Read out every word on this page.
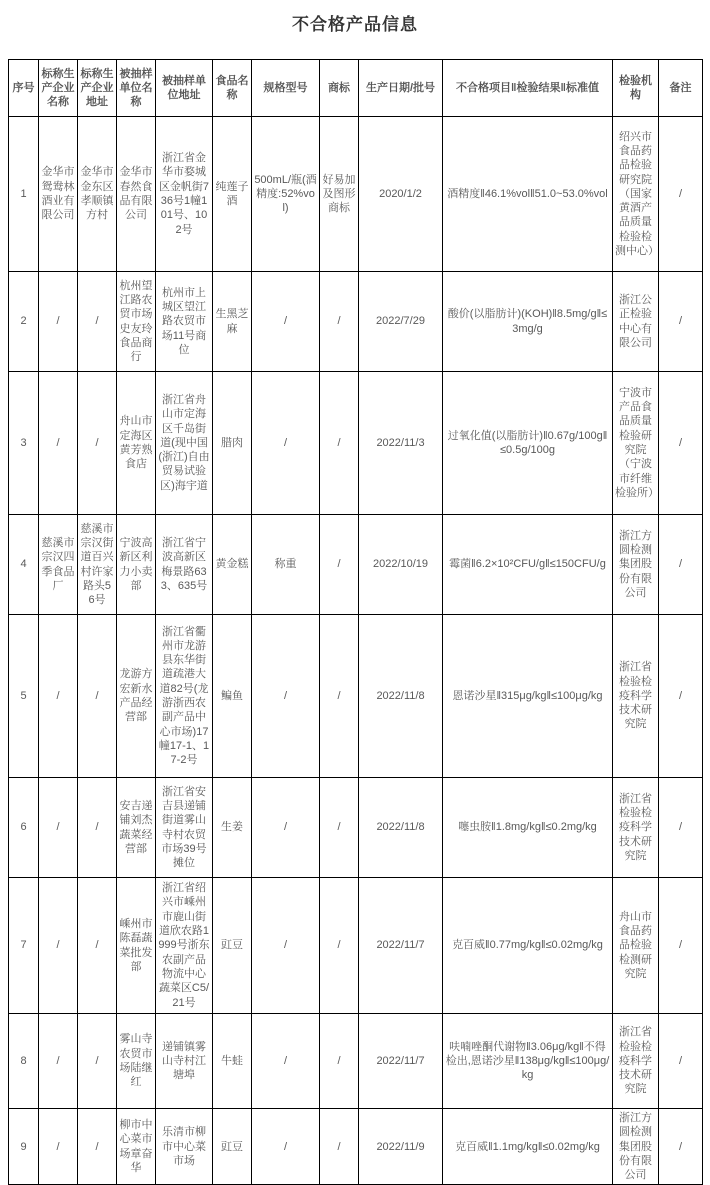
不合格产品信息
序号	标称生产企业名称	标称生产企业地址	被抽样单位名称	被抽样单位地址	食品名称	规格型号	商标	生产日期/批号	不合格项目‖检验结果‖标准值	检验机构	备注
1	金华市鸳鸯林酒业有限公司	金华市金东区孝顺镇方村	金华市春然食品有限公司	浙江省金华市婺城区金帆街736号1幢101号、102号	纯莲子酒	500mL/瓶(酒精度:52%vol)	好易加及图形商标	2020/1/2	酒精度‖46.1%vol‖51.0~53.0%vol	绍兴市食品药品检验研究院（国家黄酒产品质量检验检测中心）	/
2	/	/	杭州望江路农贸市场史友玲食品商行	杭州市上城区望江路农贸市场11号商位	生黑芝麻	/	/	2022/7/29	酸价(以脂肪计)(KOH)‖8.5mg/g‖≤3mg/g	浙江公正检验中心有限公司	/
3	/	/	舟山市定海区黄芳熟食店	浙江省舟山市定海区千岛街道(现中国(浙江)自由贸易试验区)海宇道	腊肉	/	/	2022/11/3	过氧化值(以脂肪计)‖0.67g/100g‖≤0.5g/100g	宁波市产品食品质量检验研究院（宁波市纤维检验所）	/
4	慈溪市宗汉四季食品厂	慈溪市宗汉街道百兴村许家路头56号	宁波高新区利力小卖部	浙江省宁波高新区梅景路633、635号	黄金糕	称重	/	2022/10/19	霉菌‖6.2×10²CFU/g‖≤150CFU/g	浙江方圆检测集团股份有限公司	/
5	/	/	龙游方宏新水产品经营部	浙江省衢州市龙游县东华街道疏港大道82号(龙游浙西农副产品中心市场)17幢17-1、17-2号	鳊鱼	/	/	2022/11/8	恩诺沙星‖315μg/kg‖≤100μg/kg	浙江省检验检疫科学技术研究院	/
6	/	/	安吉递铺刘杰蔬菜经营部	浙江省安吉县递铺街道雾山寺村农贸市场39号摊位	生姜	/	/	2022/11/8	噻虫胺‖1.8mg/kg‖≤0.2mg/kg	浙江省检验检疫科学技术研究院	/
7	/	/	嵊州市陈磊蔬菜批发部	浙江省绍兴市嵊州市鹿山街道欣农路1999号浙东农副产品物流中心蔬菜区C5/21号	豇豆	/	/	2022/11/7	克百威‖0.77mg/kg‖≤0.02mg/kg	舟山市食品药品检验检测研究院	/
8	/	/	雾山寺农贸市场陆继红	递铺镇雾山寺村江塘埠	牛蛙	/	/	2022/11/7	呋喃唑酮代谢物‖3.06μg/kg‖不得检出,恩诺沙星‖138μg/kg‖≤100μg/kg	浙江省检验检疫科学技术研究院	/
9	/	/	柳市中心菜市场章奋华	乐清市柳市中心菜市场	豇豆	/	/	2022/11/9	克百威‖1.1mg/kg‖≤0.02mg/kg	浙江方圆检测集团股份有限公司	/
